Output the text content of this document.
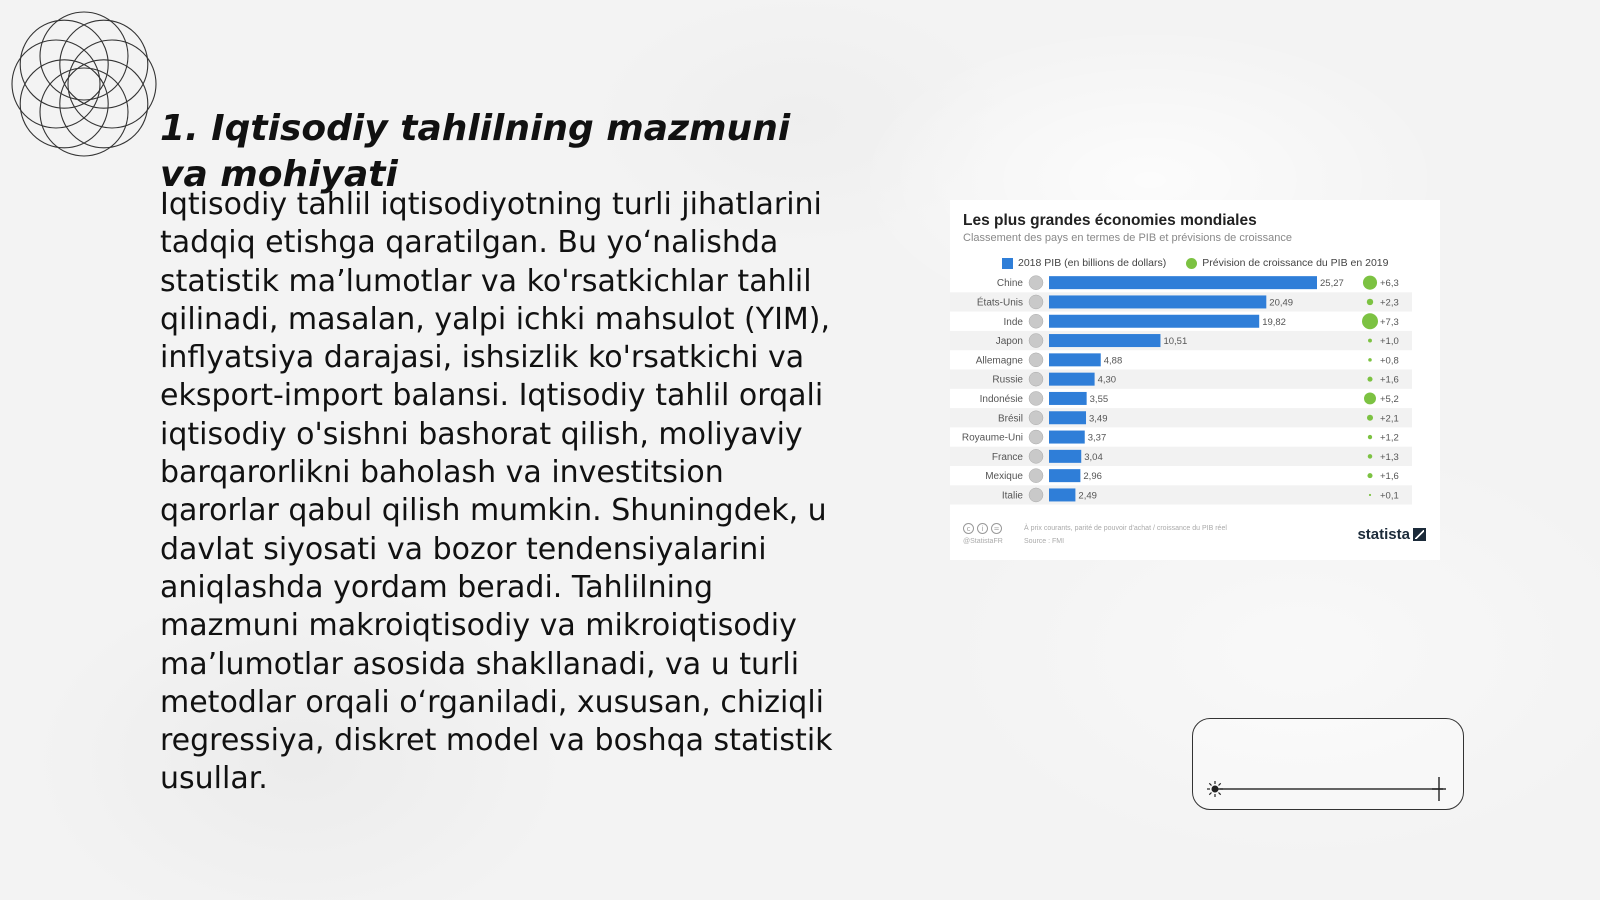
1. Iqtisodiy tahlilning mazmuni va mohiyati

Iqtisodiy tahlil iqtisodiyotning turli jihatlarini tadqiq etishga qaratilgan. Bu yo‘nalishda statistik ma’lumotlar va ko'rsatkichlar tahlil qilinadi, masalan, yalpi ichki mahsulot (YIM), inflyatsiya darajasi, ishsizlik ko'rsatkichi va eksport-import balansi. Iqtisodiy tahlil orqali iqtisodiy o'sishni bashorat qilish, moliyaviy barqarorlikni baholash va investitsion qarorlar qabul qilish mumkin. Shuningdek, u davlat siyosati va bozor tendensiyalarini aniqlashda yordam beradi. Tahlilning mazmuni makroiqtisodiy va mikroiqtisodiy ma’lumotlar asosida shakllanadi, va u turli metodlar orqali o‘rganiladi, xususan, chiziqli regressiya, diskret model va boshqa statistik usullar.

Chine	25,27	+6,3
États-Unis	20,49	+2,3
Inde	19,82	+7,3
Japon	10,51	+1,0
Allemagne	4,88	+0,8
Russie	4,30	+1,6
Indonésie	3,55	+5,2
Brésil	3,49	+2,1
Royaume-Uni	3,37	+1,2
France	3,04	+1,3
Mexique	2,96	+1,6
Italie	2,49	+0,1
Les plus grandes économies mondiales
Classement des pays en termes de PIB et prévisions de croissance
2018 PIB (en billions de dollars)	Prévision de croissance du PIB en 2019
c	i	=
@StatistaFR
À prix courants, parité de pouvoir d'achat / croissance du PIB réel
Source : FMI	statista
